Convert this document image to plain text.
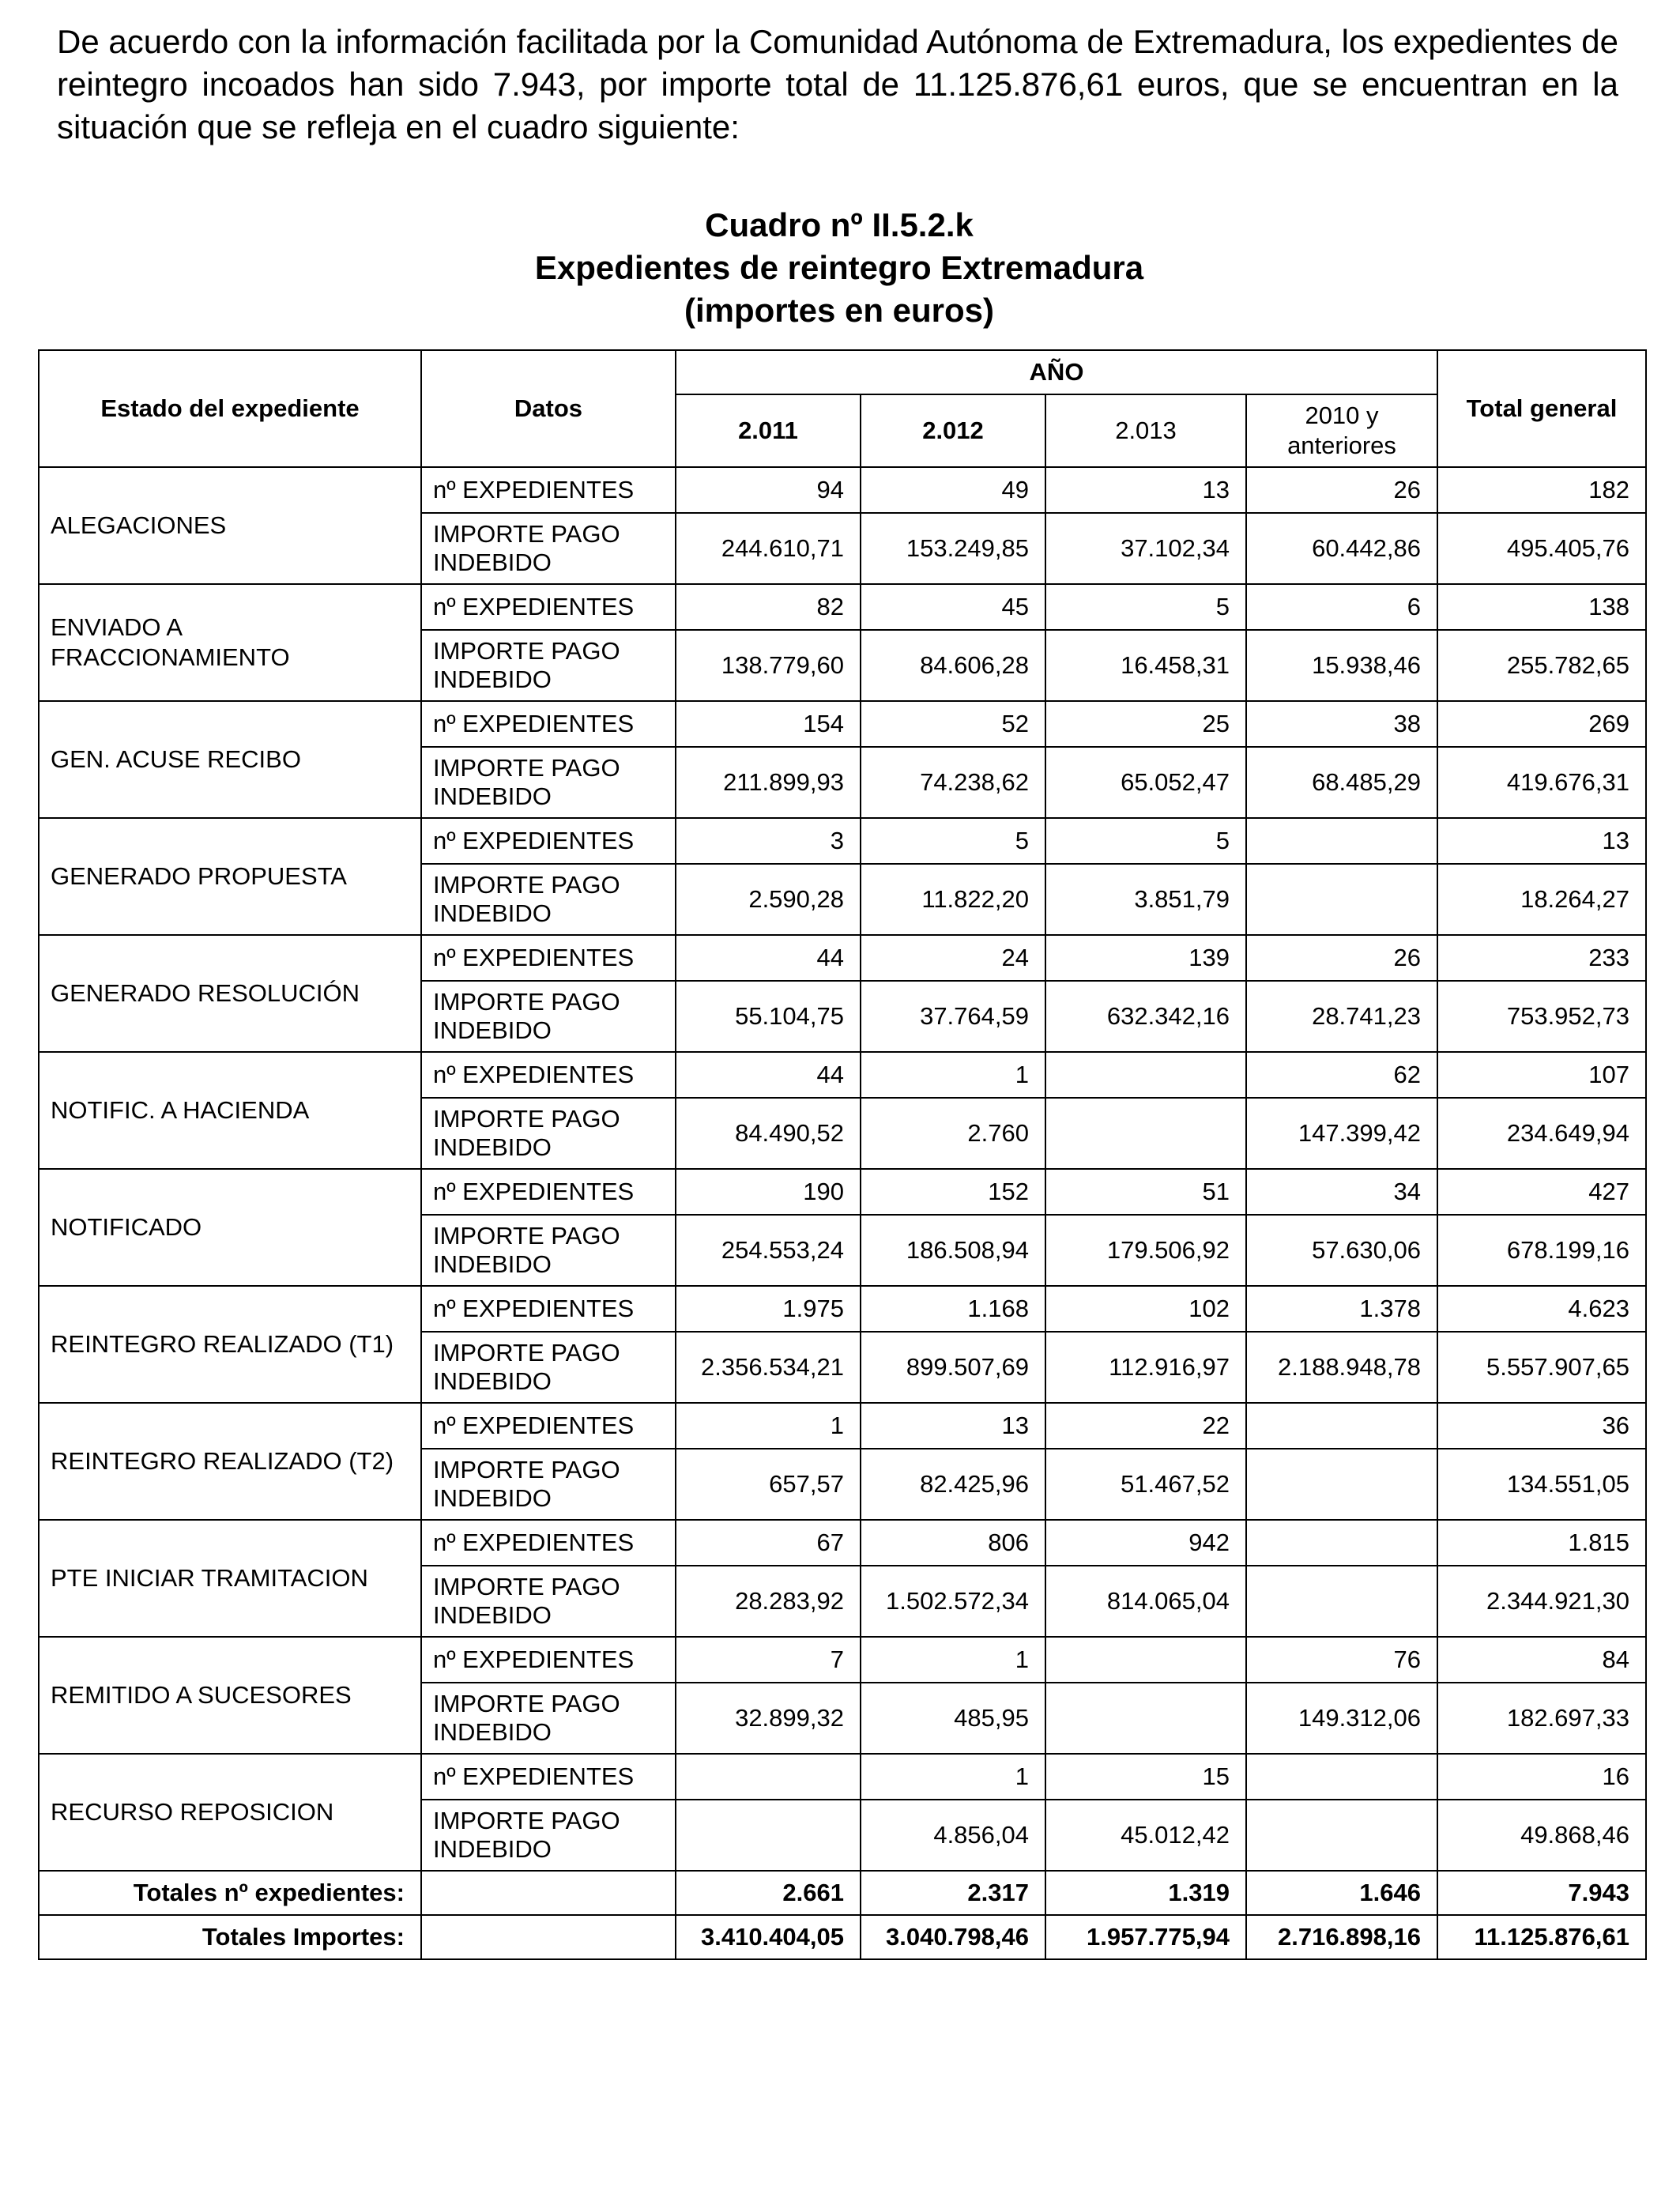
De acuerdo con la información facilitada por la Comunidad Autónoma de Extremadura, los expedientes de reintegro incoados han sido 7.943, por importe total de 11.125.876,61 euros, que se encuentran en la situación que se refleja en el cuadro siguiente:

Cuadro nº II.5.2.k
Expedientes de reintegro Extremadura
(importes en euros)
Estado del expediente	Datos	AÑO				Total general
		2.011	2.012	2.013	2010 y anteriores	
ALEGACIONES	nº EXPEDIENTES	94	49	13	26	182
	IMPORTE PAGO INDEBIDO	244.610,71	153.249,85	37.102,34	60.442,86	495.405,76
ENVIADO A FRACCIONAMIENTO	nº EXPEDIENTES	82	45	5	6	138
	IMPORTE PAGO INDEBIDO	138.779,60	84.606,28	16.458,31	15.938,46	255.782,65
GEN. ACUSE RECIBO	nº EXPEDIENTES	154	52	25	38	269
	IMPORTE PAGO INDEBIDO	211.899,93	74.238,62	65.052,47	68.485,29	419.676,31
GENERADO PROPUESTA	nº EXPEDIENTES	3	5	5		13
	IMPORTE PAGO INDEBIDO	2.590,28	11.822,20	3.851,79		18.264,27
GENERADO RESOLUCIÓN	nº EXPEDIENTES	44	24	139	26	233
	IMPORTE PAGO INDEBIDO	55.104,75	37.764,59	632.342,16	28.741,23	753.952,73
NOTIFIC. A HACIENDA	nº EXPEDIENTES	44	1		62	107
	IMPORTE PAGO INDEBIDO	84.490,52	2.760		147.399,42	234.649,94
NOTIFICADO	nº EXPEDIENTES	190	152	51	34	427
	IMPORTE PAGO INDEBIDO	254.553,24	186.508,94	179.506,92	57.630,06	678.199,16
REINTEGRO REALIZADO (T1)	nº EXPEDIENTES	1.975	1.168	102	1.378	4.623
	IMPORTE PAGO INDEBIDO	2.356.534,21	899.507,69	112.916,97	2.188.948,78	5.557.907,65
REINTEGRO REALIZADO (T2)	nº EXPEDIENTES	1	13	22		36
	IMPORTE PAGO INDEBIDO	657,57	82.425,96	51.467,52		134.551,05
PTE INICIAR TRAMITACION	nº EXPEDIENTES	67	806	942		1.815
	IMPORTE PAGO INDEBIDO	28.283,92	1.502.572,34	814.065,04		2.344.921,30
REMITIDO A SUCESORES	nº EXPEDIENTES	7	1		76	84
	IMPORTE PAGO INDEBIDO	32.899,32	485,95		149.312,06	182.697,33
RECURSO REPOSICION	nº EXPEDIENTES		1	15		16
	IMPORTE PAGO INDEBIDO		4.856,04	45.012,42		49.868,46
Totales nº expedientes:		2.661	2.317	1.319	1.646	7.943
Totales Importes:		3.410.404,05	3.040.798,46	1.957.775,94	2.716.898,16	11.125.876,61
